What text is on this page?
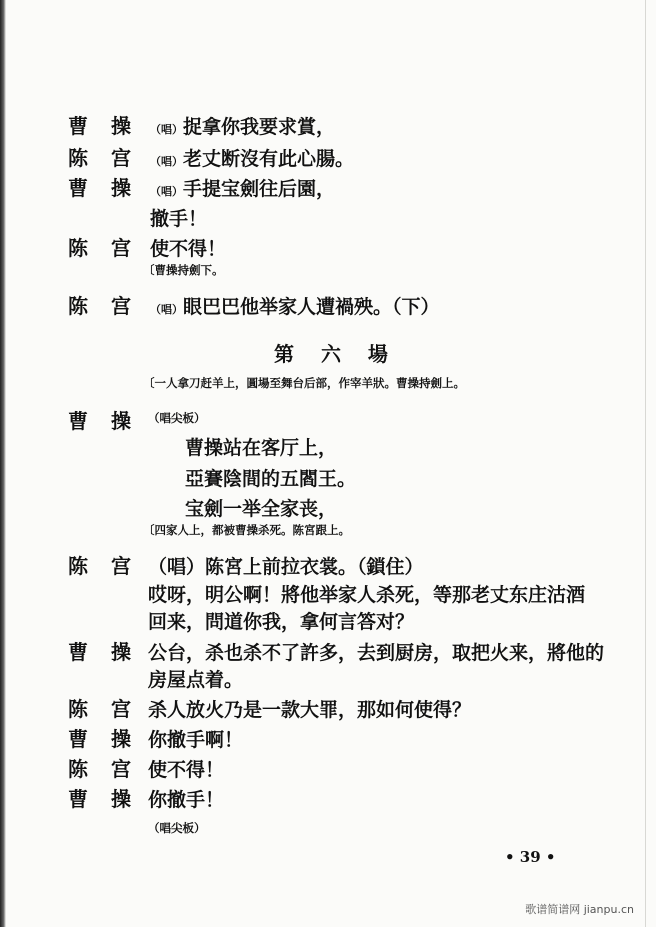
曹 操 （唱）捉拿你我要求賞，
陈 宫 （唱）老丈断沒有此心腸。
曹 操 （唱）手提宝劍往后園，
撤手！
陈 宫 使不得！
〔曹操持劍下。
陈 宫 （唱）眼巴巴他举家人遭禍殃。（下）
第 六 場
〔一人拿刀赶羊上，圓場至舞台后部，作宰羊狀。曹操持劍上。
曹 操 （唱尖板）
曹操站在客厅上，
亞賽陰間的五閻王。
宝劍一举全家丧，
〔四家人上，都被曹操杀死。陈宮跟上。
陈 宫 （唱）陈宮上前拉衣裳。（鎖住）
哎呀，明公啊！將他举家人杀死，等那老丈东庄沽酒
回来，問道你我，拿何言答对？
曹 操 公台，杀也杀不了許多，去到厨房，取把火来，將他的
房屋点着。
陈 宫 杀人放火乃是一款大罪，那如何使得？
曹 操 你撤手啊！
陈 宫 使不得！
曹 操 你撤手！
（唱尖板）
• 39 •
歌谱简谱网 jianpu.cn
